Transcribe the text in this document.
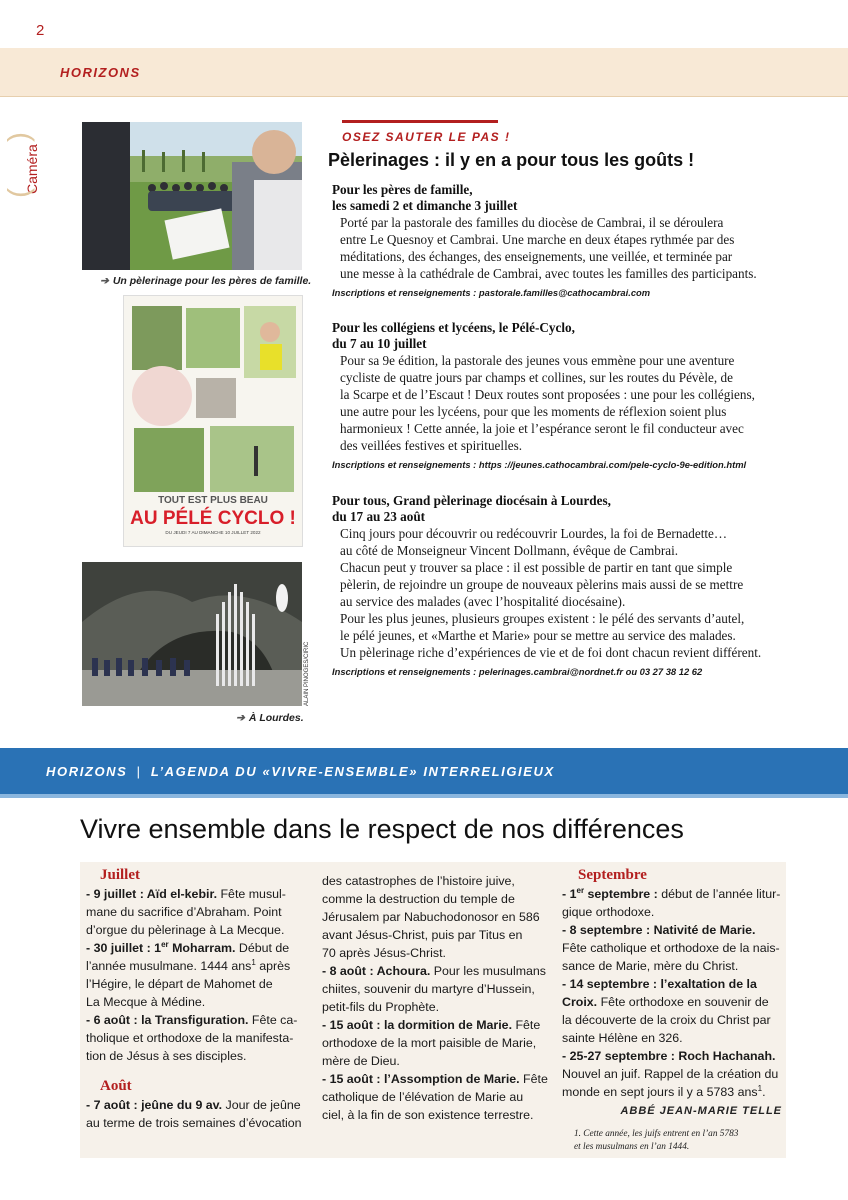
2
HORIZONS
(
Caméra
)
➔ Un pèlerinage pour les pères de famille.
TOUT EST PLUS BEAU
AU PÉLÉ CYCLO !
DU JEUDI 7 AU DIMANCHE 10 JUILLET 2022
ALAIN PINOGES/CIRIC
➔ À Lourdes.
OSEZ SAUTER LE PAS !
Pèlerinages : il y en a pour tous les goûts !
Pour les pères de famille,
les samedi 2 et dimanche 3 juillet
Porté par la pastorale des familles du diocèse de Cambrai, il se déroulera
entre Le Quesnoy et Cambrai. Une marche en deux étapes rythmée par des
méditations, des échanges, des enseignements, une veillée, et terminée par
une messe à la cathédrale de Cambrai, avec toutes les familles des participants.
Inscriptions et renseignements : pastorale.familles@cathocambrai.com
Pour les collégiens et lycéens, le Pélé-Cyclo,
du 7 au 10 juillet
Pour sa 9e édition, la pastorale des jeunes vous emmène pour une aventure
cycliste de quatre jours par champs et collines, sur les routes du Pévèle, de
la Scarpe et de l’Escaut ! Deux routes sont proposées : une pour les collégiens,
une autre pour les lycéens, pour que les moments de réflexion soient plus
harmonieux ! Cette année, la joie et l’espérance seront le fil conducteur avec
des veillées festives et spirituelles.
Inscriptions et renseignements : https ://jeunes.cathocambrai.com/pele-cyclo-9e-edition.html
Pour tous, Grand pèlerinage diocésain à Lourdes,
du 17 au 23 août
Cinq jours pour découvrir ou redécouvrir Lourdes, la foi de Bernadette…
au côté de Monseigneur Vincent Dollmann, évêque de Cambrai.
Chacun peut y trouver sa place : il est possible de partir en tant que simple
pèlerin, de rejoindre un groupe de nouveaux pèlerins mais aussi de se mettre
au service des malades (avec l’hospitalité diocésaine).
Pour les plus jeunes, plusieurs groupes existent : le pélé des servants d’autel,
le pélé jeunes, et «Marthe et Marie» pour se mettre au service des malades.
Un pèlerinage riche d’expériences de vie et de foi dont chacun revient différent.
Inscriptions et renseignements : pelerinages.cambrai@nordnet.fr ou 03 27 38 12 62
HORIZONS | L’AGENDA DU «VIVRE-ENSEMBLE» INTERRELIGIEUX
Vivre ensemble dans le respect de nos différences
Juillet
- 9 juillet : Aïd el-kebir. Fête musul-
mane du sacrifice d’Abraham. Point
d’orgue du pèlerinage à La Mecque.
- 30 juillet : 1er Moharram. Début de
l’année musulmane. 1444 ans$^1$ après
l’Hégire, le départ de Mahomet de
La Mecque à Médine.
- 6 août : la Transfiguration. Fête ca-
tholique et orthodoxe de la manifesta-
tion de Jésus à ses disciples.
Août
- 7 août : jeûne du 9 av. Jour de jeûne
au terme de trois semaines d’évocation
des catastrophes de l’histoire juive,
comme la destruction du temple de
Jérusalem par Nabuchodonosor en 586
avant Jésus-Christ, puis par Titus en
70 après Jésus-Christ.
- 8 août : Achoura. Pour les musulmans
chiites, souvenir du martyre d’Hussein,
petit-fils du Prophète.
- 15 août : la dormition de Marie. Fête
orthodoxe de la mort paisible de Marie,
mère de Dieu.
- 15 août : l’Assomption de Marie. Fête
catholique de l’élévation de Marie au
ciel, à la fin de son existence terrestre.
Septembre
- 1er septembre : début de l’année litur-
gique orthodoxe.
- 8 septembre : Nativité de Marie.
Fête catholique et orthodoxe de la nais-
sance de Marie, mère du Christ.
- 14 septembre : l’exaltation de la
Croix. Fête orthodoxe en souvenir de
la découverte de la croix du Christ par
sainte Hélène en 326.
- 25-27 septembre : Roch Hachanah.
Nouvel an juif. Rappel de la création du
monde en sept jours il y a 5783 ans$^1$.
ABBÉ JEAN-MARIE TELLE
1. Cette année, les juifs entrent en l’an 5783
et les musulmans en l’an 1444.
